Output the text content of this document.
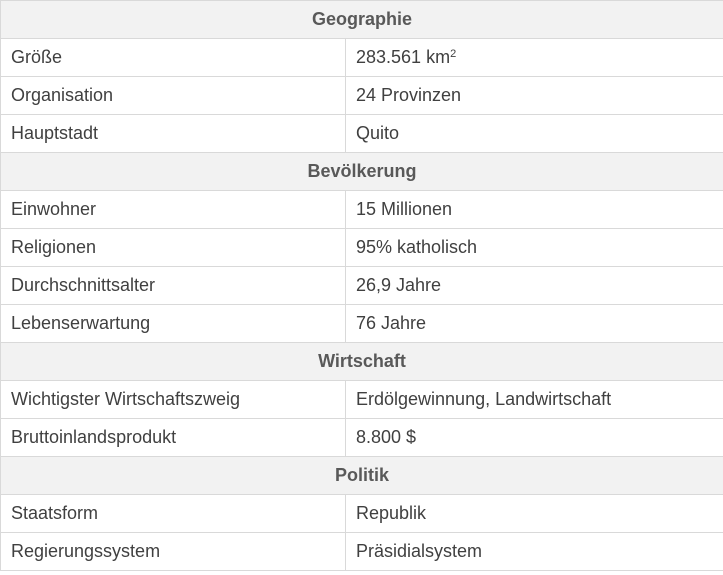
Geographie	
Größe	283.561 $km^2$
Organisation	24 Provinzen
Hauptstadt	Quito
Bevölkerung	
Einwohner	15 Millionen
Religionen	95% katholisch
Durchschnittsalter	26,9 Jahre
Lebenserwartung	76 Jahre
Wirtschaft	
Wichtigster Wirtschaftszweig	Erdölgewinnung, Landwirtschaft
Bruttoinlandsprodukt	8.800 $
Politik	
Staatsform	Republik
Regierungssystem	Präsidialsystem
